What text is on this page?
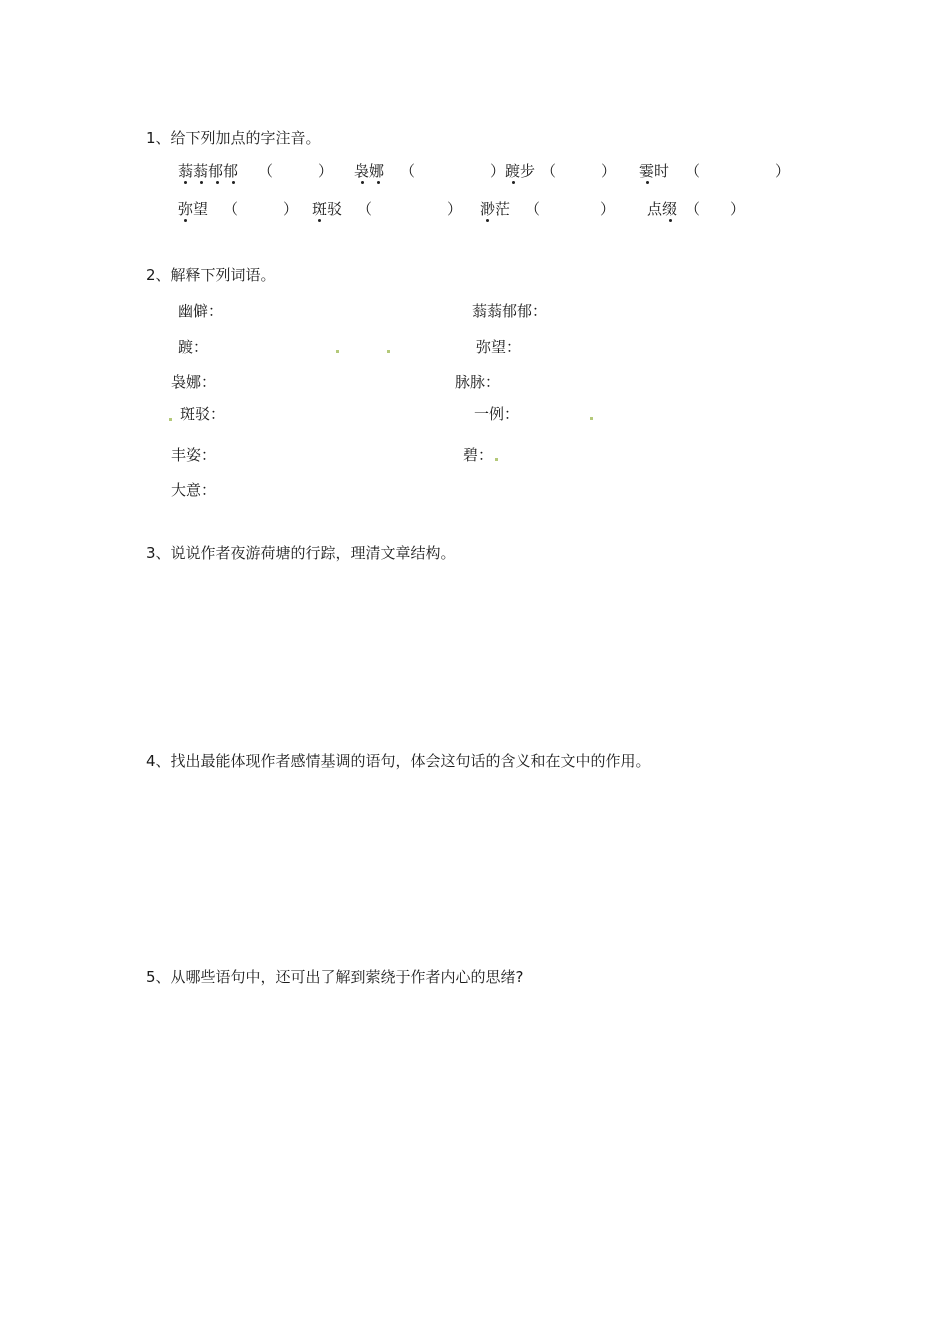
1、给下列加点的字注音。
蓊蓊郁郁 （　　　） 袅娜 （　　　　　） 踱步 （　　　） 霎时 （　　　　　）
弥望 （　　　） 斑驳 （　　　　　） 渺茫 （　　　　） 点缀 （　　）
2、解释下列词语。
幽僻：	蓊蓊郁郁：
踱：	弥望：
袅娜：	脉脉：
斑驳：	一例：
丰姿：	碧：
大意：
3、说说作者夜游荷塘的行踪，理清文章结构。
4、找出最能体现作者感情基调的语句，体会这句话的含义和在文中的作用。
5、从哪些语句中，还可出了解到萦绕于作者内心的思绪?
